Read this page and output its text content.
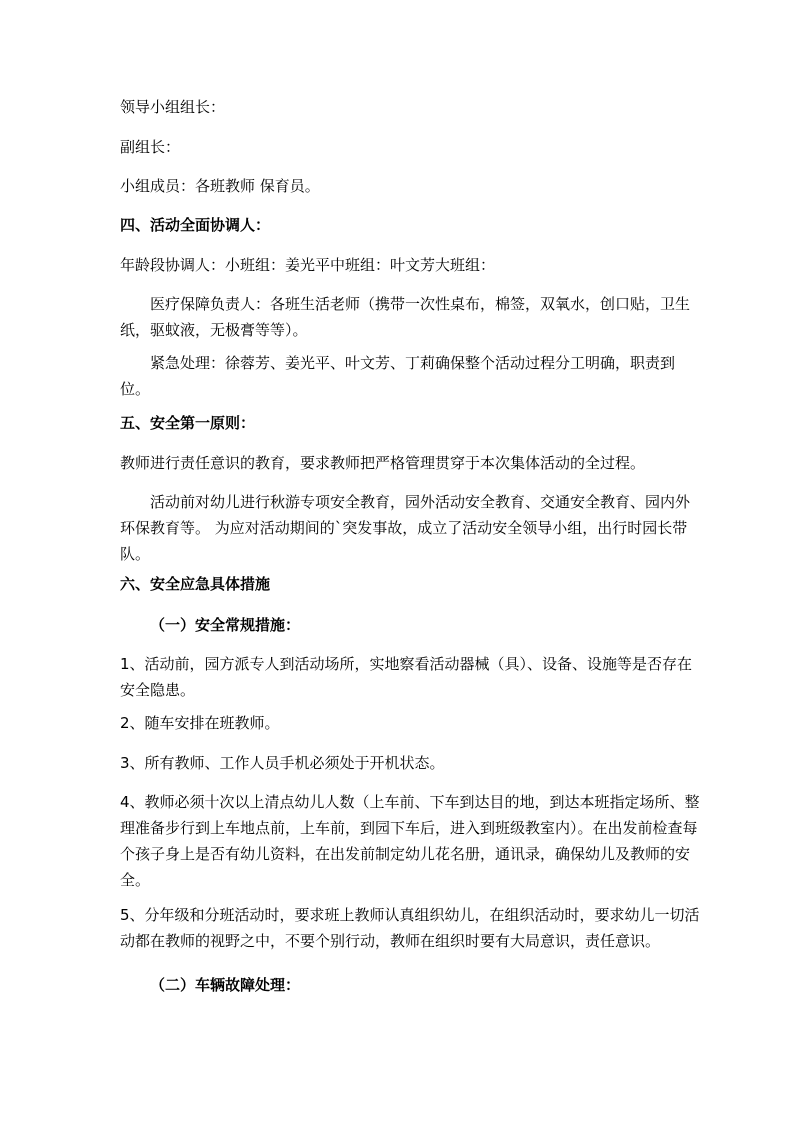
领导小组组长：

副组长：

小组成员：各班教师 保育员。

四、活动全面协调人：

年龄段协调人：小班组：姜光平中班组：叶文芳大班组：

医疗保障负责人：各班生活老师（携带一次性桌布，棉签，双氧水，创口贴，卫生纸，驱蚊液，无极膏等等）。

紧急处理：徐蓉芳、姜光平、叶文芳、丁莉确保整个活动过程分工明确，职责到位。

五、安全第一原则：

教师进行责任意识的教育，要求教师把严格管理贯穿于本次集体活动的全过程。

活动前对幼儿进行秋游专项安全教育，园外活动安全教育、交通安全教育、园内外环保教育等。 为应对活动期间的`突发事故，成立了活动安全领导小组，出行时园长带队。

六、安全应急具体措施

（一）安全常规措施：

1、活动前，园方派专人到活动场所，实地察看活动器械（具）、设备、设施等是否存在安全隐患。

2、随车安排在班教师。

3、所有教师、工作人员手机必须处于开机状态。

4、教师必须十次以上清点幼儿人数（上车前、下车到达目的地，到达本班指定场所、整理准备步行到上车地点前，上车前，到园下车后，进入到班级教室内）。在出发前检查每个孩子身上是否有幼儿资料，在出发前制定幼儿花名册，通讯录，确保幼儿及教师的安全。

5、分年级和分班活动时，要求班上教师认真组织幼儿，在组织活动时，要求幼儿一切活动都在教师的视野之中，不要个别行动，教师在组织时要有大局意识，责任意识。

（二）车辆故障处理：
